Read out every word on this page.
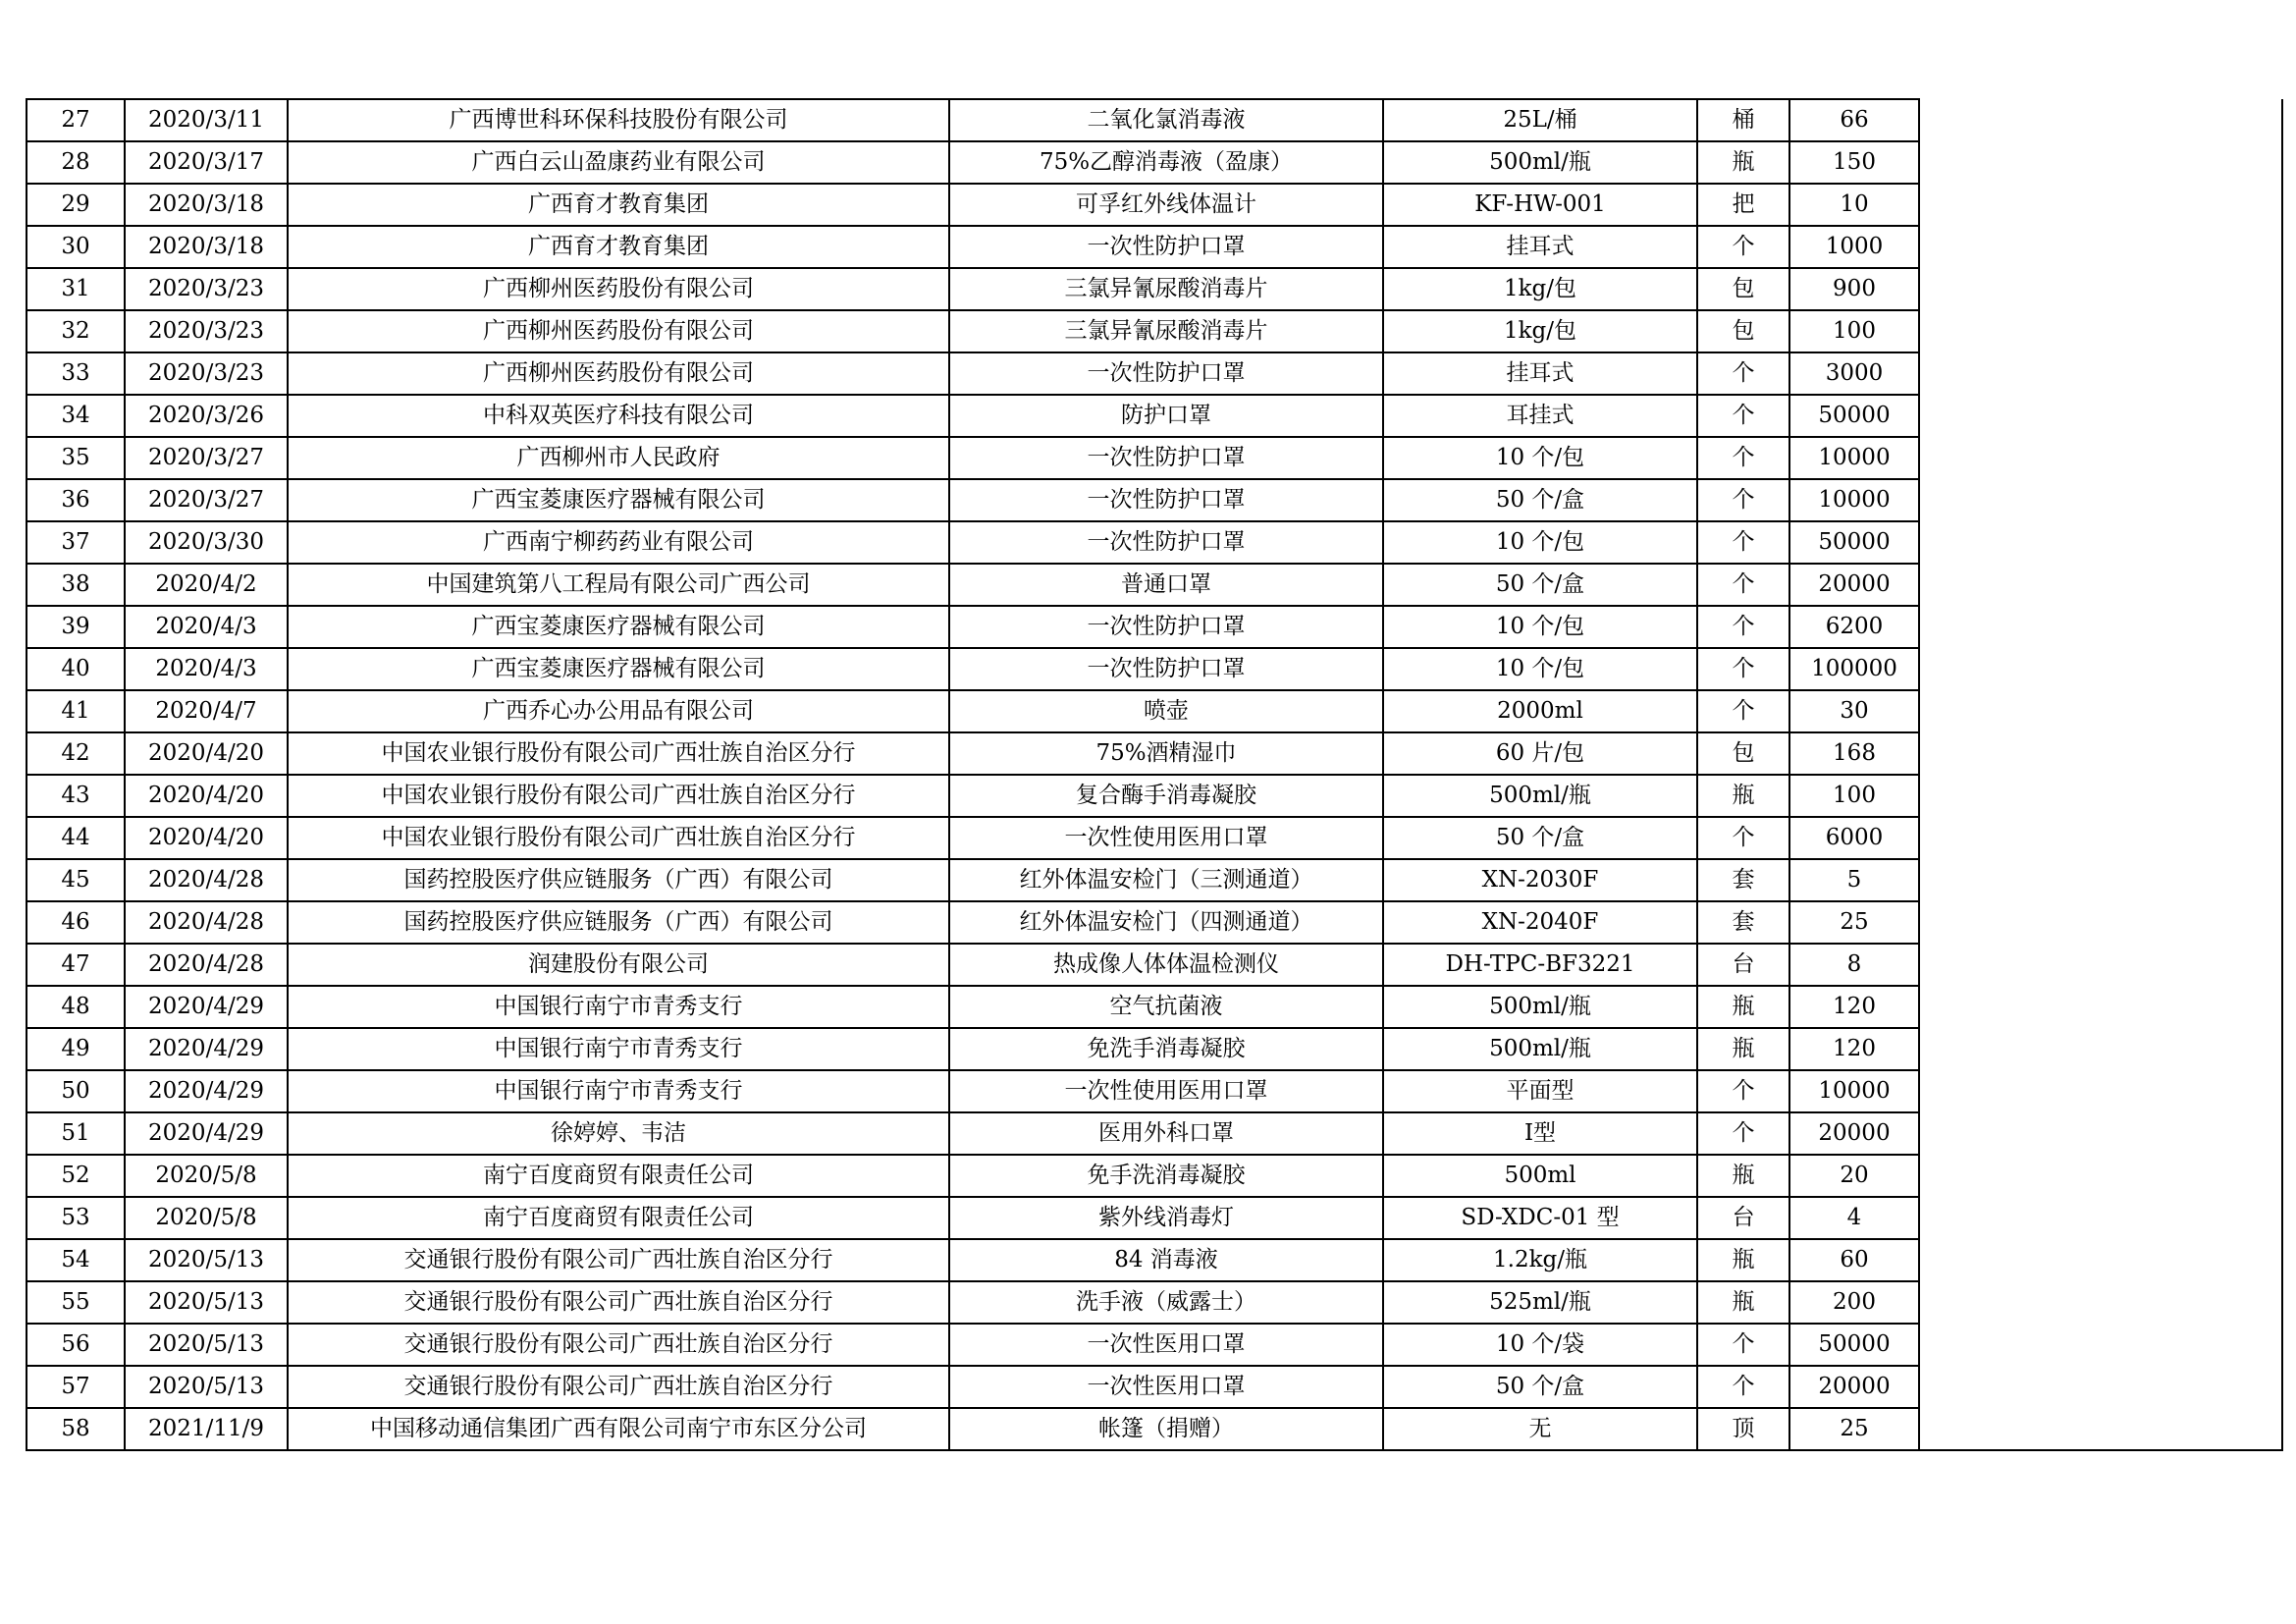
27	2020/3/11	广西博世科环保科技股份有限公司	二氧化氯消毒液	25L/桶	桶	66	
28	2020/3/17	广西白云山盈康药业有限公司	75%乙醇消毒液（盈康）	500ml/瓶	瓶	150	
29	2020/3/18	广西育才教育集团	可孚红外线体温计	KF-HW-001	把	10	
30	2020/3/18	广西育才教育集团	一次性防护口罩	挂耳式	个	1000	
31	2020/3/23	广西柳州医药股份有限公司	三氯异氰尿酸消毒片	1kg/包	包	900	
32	2020/3/23	广西柳州医药股份有限公司	三氯异氰尿酸消毒片	1kg/包	包	100	
33	2020/3/23	广西柳州医药股份有限公司	一次性防护口罩	挂耳式	个	3000	
34	2020/3/26	中科双英医疗科技有限公司	防护口罩	耳挂式	个	50000	
35	2020/3/27	广西柳州市人民政府	一次性防护口罩	10 个/包	个	10000	
36	2020/3/27	广西宝菱康医疗器械有限公司	一次性防护口罩	50 个/盒	个	10000	
37	2020/3/30	广西南宁柳药药业有限公司	一次性防护口罩	10 个/包	个	50000	
38	2020/4/2	中国建筑第八工程局有限公司广西公司	普通口罩	50 个/盒	个	20000	
39	2020/4/3	广西宝菱康医疗器械有限公司	一次性防护口罩	10 个/包	个	6200	
40	2020/4/3	广西宝菱康医疗器械有限公司	一次性防护口罩	10 个/包	个	100000	
41	2020/4/7	广西乔心办公用品有限公司	喷壶	2000ml	个	30	
42	2020/4/20	中国农业银行股份有限公司广西壮族自治区分行	75%酒精湿巾	60 片/包	包	168	
43	2020/4/20	中国农业银行股份有限公司广西壮族自治区分行	复合酶手消毒凝胶	500ml/瓶	瓶	100	
44	2020/4/20	中国农业银行股份有限公司广西壮族自治区分行	一次性使用医用口罩	50 个/盒	个	6000	
45	2020/4/28	国药控股医疗供应链服务（广西）有限公司	红外体温安检门（三测通道）	XN-2030F	套	5	
46	2020/4/28	国药控股医疗供应链服务（广西）有限公司	红外体温安检门（四测通道）	XN-2040F	套	25	
47	2020/4/28	润建股份有限公司	热成像人体体温检测仪	DH-TPC-BF3221	台	8	
48	2020/4/29	中国银行南宁市青秀支行	空气抗菌液	500ml/瓶	瓶	120	
49	2020/4/29	中国银行南宁市青秀支行	免洗手消毒凝胶	500ml/瓶	瓶	120	
50	2020/4/29	中国银行南宁市青秀支行	一次性使用医用口罩	平面型	个	10000	
51	2020/4/29	徐婷婷、韦洁	医用外科口罩	Ⅰ型	个	20000	
52	2020/5/8	南宁百度商贸有限责任公司	免手洗消毒凝胶	500ml	瓶	20	
53	2020/5/8	南宁百度商贸有限责任公司	紫外线消毒灯	SD-XDC-01 型	台	4	
54	2020/5/13	交通银行股份有限公司广西壮族自治区分行	84 消毒液	1.2kg/瓶	瓶	60	
55	2020/5/13	交通银行股份有限公司广西壮族自治区分行	洗手液（威露士）	525ml/瓶	瓶	200	
56	2020/5/13	交通银行股份有限公司广西壮族自治区分行	一次性医用口罩	10 个/袋	个	50000	
57	2020/5/13	交通银行股份有限公司广西壮族自治区分行	一次性医用口罩	50 个/盒	个	20000	
58	2021/11/9	中国移动通信集团广西有限公司南宁市东区分公司	帐篷（捐赠）	无	顶	25	
